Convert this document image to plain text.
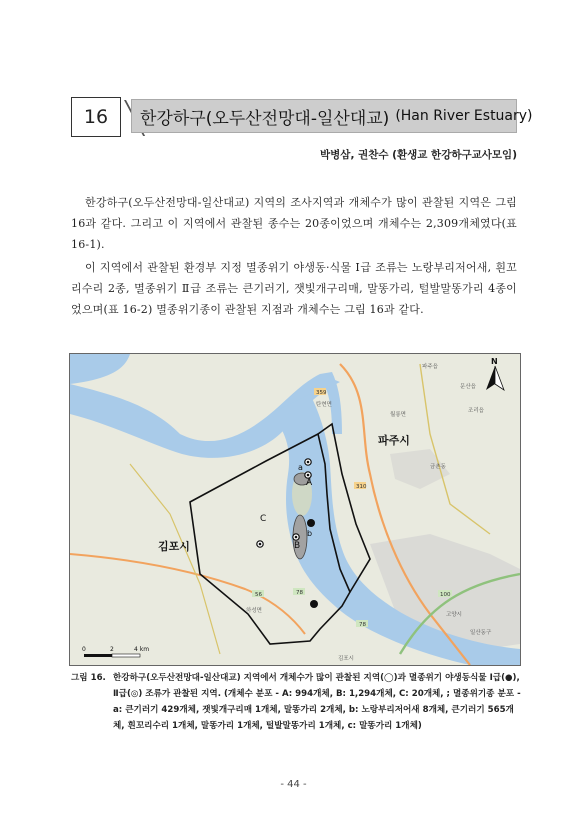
16	한강하구(오두산전망대-일산대교) (Han River Estuary)
박병삼, 권찬수 (환생교 한강하구교사모임)

한강하구(오두산전망대-일산대교) 지역의 조사지역과 개체수가 많이 관찰된 지역은 그림 16과 같다. 그리고 이 지역에서 관찰된 종수는 20종이었으며 개체수는 2,309개체였다(표 16-1).

이 지역에서 관찰된 환경부 지정 멸종위기 야생동·식물 Ⅰ급 조류는 노랑부리저어새, 흰꼬리수리 2종, 멸종위기 Ⅱ급 조류는 큰기러기, 잿빛개구리매, 말똥가리, 털발말똥가리 4종이었으며(표 16-2) 멸종위기종이 관찰된 지점과 개체수는 그림 16과 같다.

a
A
b
B
C
파주시
김포시
359
310
56	78	100
78
파주읍
문산읍
탄현면
조리읍
월롱면
금촌동
김포시
하성면
고양시
일산동구
N
0	2	4 km
그림 16. 한강하구(오두산전망대-일산대교) 지역에서 개체수가 많이 관찰된 지역(◯)과 멸종위기 야생동식물 Ⅰ급(●), Ⅱ급(◎) 조류가 관찰된 지역. (개체수 분포 - A: 994개체, B: 1,294개체, C: 20개체, ; 멸종위기종 분포 - a: 큰기러기 429개체, 잿빛개구리매 1개체, 말똥가리 2개체, b: 노랑부리저어새 8개체, 큰기러기 565개체, 흰꼬리수리 1개체, 말똥가리 1개체, 털발말똥가리 1개체, c: 말똥가리 1개체)
- 44 -
